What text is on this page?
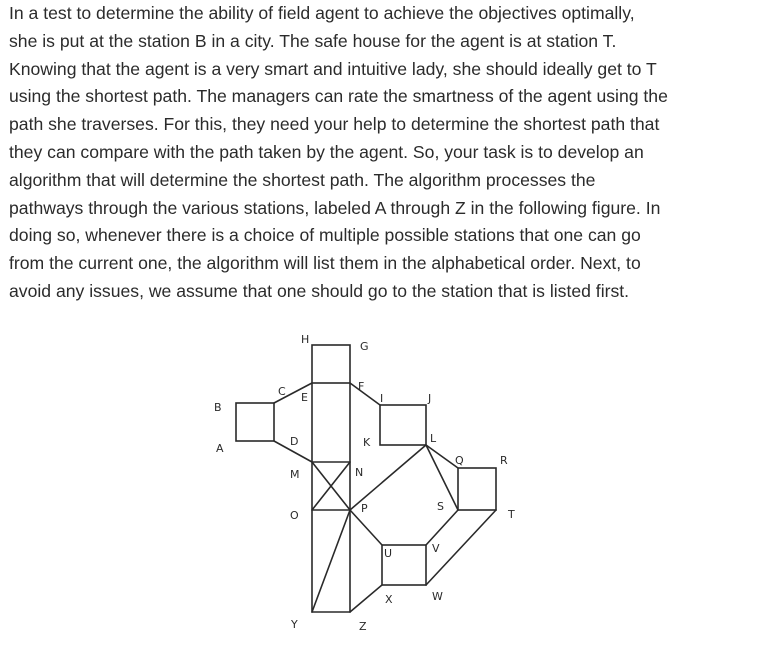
In a test to determine the ability of field agent to achieve the objectives optimally,
she is put at the station B in a city. The safe house for the agent is at station T.
Knowing that the agent is a very smart and intuitive lady, she should ideally get to T
using the shortest path. The managers can rate the smartness of the agent using the
path she traverses. For this, they need your help to determine the shortest path that
they can compare with the path taken by the agent. So, your task is to develop an
algorithm that will determine the shortest path. The algorithm processes the
pathways through the various stations, labeled A through Z in the following figure. In
doing so, whenever there is a choice of multiple possible stations that one can go
from the current one, the algorithm will list them in the alphabetical order. Next, to
avoid any issues, we assume that one should go to the station that is listed first.
B
A
C
D
E
F
G
H
I	J
K	L
M	N
O
P
Q	R
S
T
U	V
W
X
Y	Z
